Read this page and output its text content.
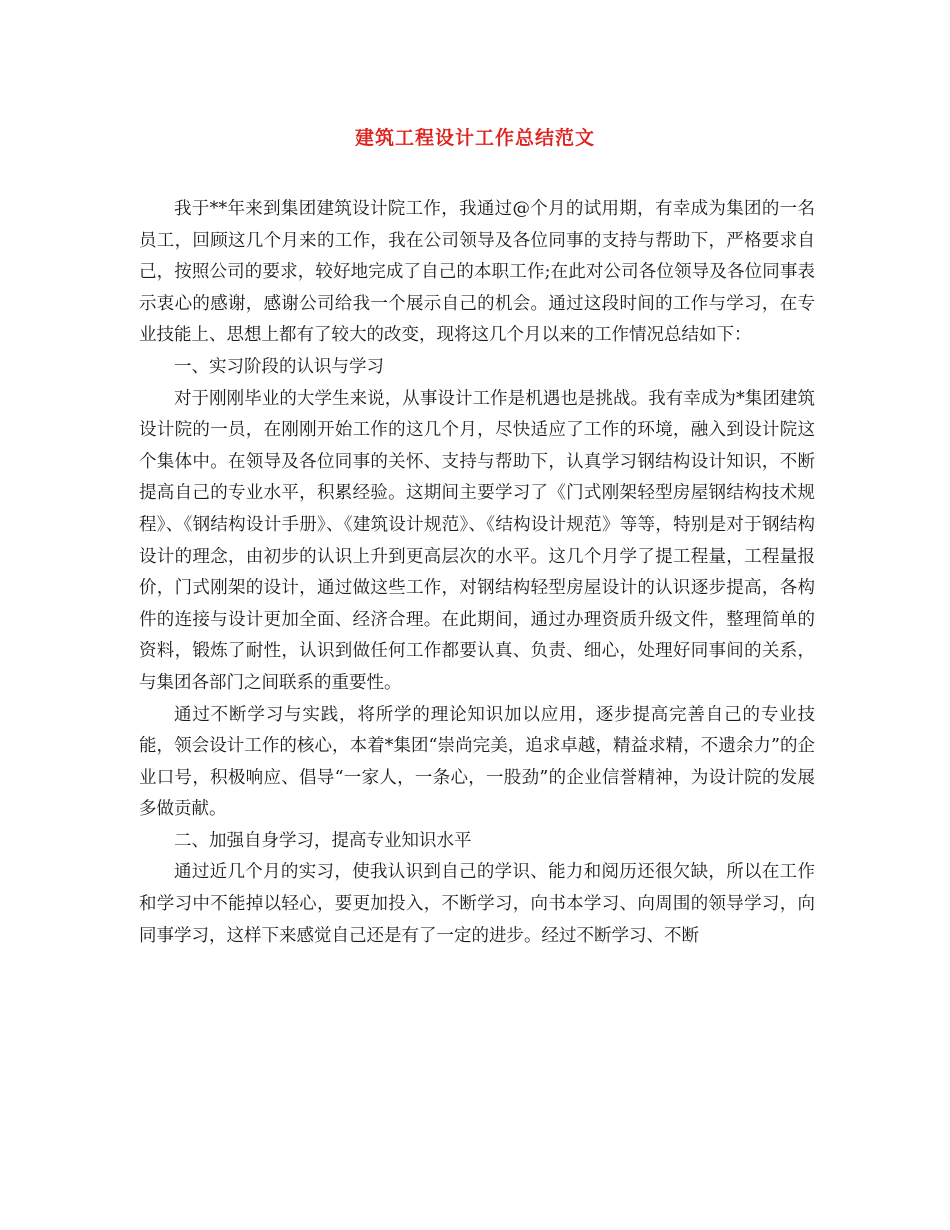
建筑工程设计工作总结范文

我于**年来到集团建筑设计院工作，我通过@个月的试用期，有幸成为集团的一名员工，回顾这几个月来的工作，我在公司领导及各位同事的支持与帮助下，严格要求自己，按照公司的要求，较好地完成了自己的本职工作;在此对公司各位领导及各位同事表示衷心的感谢，感谢公司给我一个展示自己的机会。通过这段时间的工作与学习，在专业技能上、思想上都有了较大的改变，现将这几个月以来的工作情况总结如下：

一、实习阶段的认识与学习

对于刚刚毕业的大学生来说，从事设计工作是机遇也是挑战。我有幸成为*集团建筑设计院的一员，在刚刚开始工作的这几个月，尽快适应了工作的环境，融入到设计院这个集体中。在领导及各位同事的关怀、支持与帮助下，认真学习钢结构设计知识，不断提高自己的专业水平，积累经验。这期间主要学习了《门式刚架轻型房屋钢结构技术规程》、《钢结构设计手册》、《建筑设计规范》、《结构设计规范》等等，特别是对于钢结构设计的理念，由初步的认识上升到更高层次的水平。这几个月学了提工程量，工程量报价，门式刚架的设计，通过做这些工作，对钢结构轻型房屋设计的认识逐步提高，各构件的连接与设计更加全面、经济合理。在此期间，通过办理资质升级文件，整理简单的资料，锻炼了耐性，认识到做任何工作都要认真、负责、细心，处理好同事间的关系，与集团各部门之间联系的重要性。

通过不断学习与实践，将所学的理论知识加以应用，逐步提高完善自己的专业技能，领会设计工作的核心，本着*集团“崇尚完美，追求卓越，精益求精，不遗余力”的企业口号，积极响应、倡导“一家人，一条心，一股劲”的企业信誉精神，为设计院的发展多做贡献。

二、加强自身学习，提高专业知识水平

通过近几个月的实习，使我认识到自己的学识、能力和阅历还很欠缺，所以在工作和学习中不能掉以轻心，要更加投入，不断学习，向书本学习、向周围的领导学习，向同事学习，这样下来感觉自己还是有了一定的进步。经过不断学习、不断
